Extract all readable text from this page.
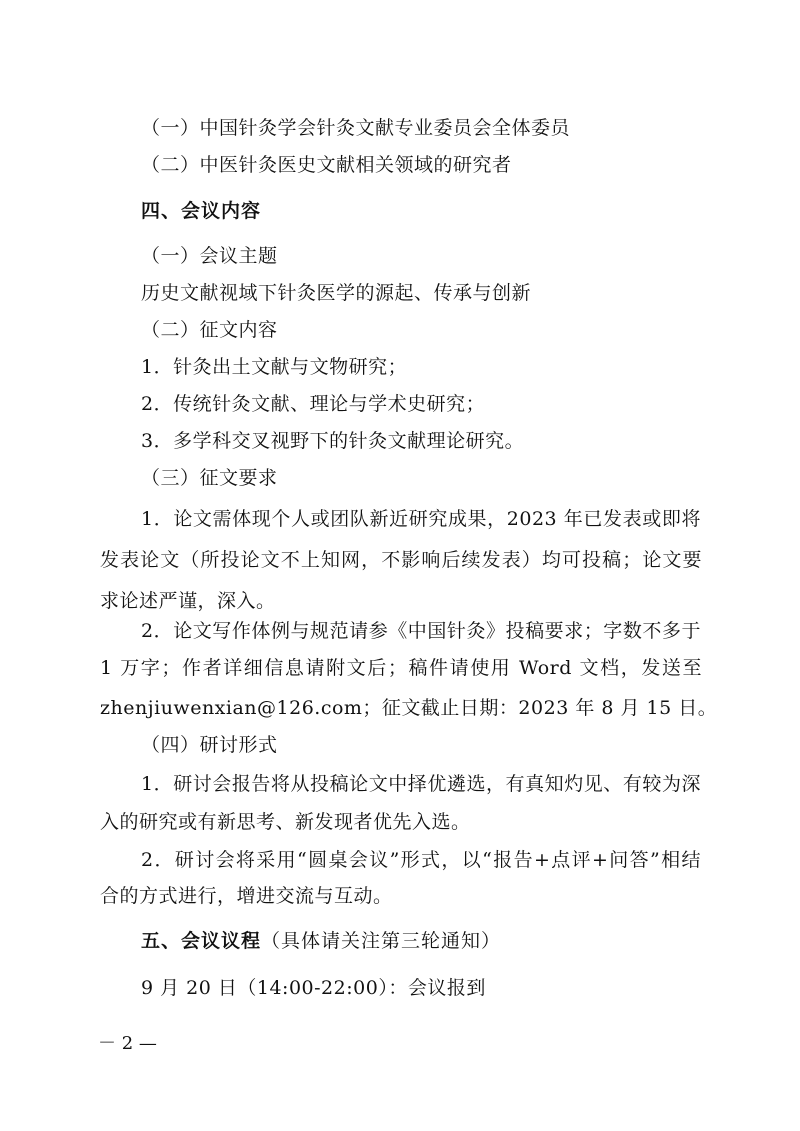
（一）中国针灸学会针灸文献专业委员会全体委员
（二）中医针灸医史文献相关领域的研究者
四、会议内容
（一）会议主题
历史文献视域下针灸医学的源起、传承与创新
（二）征文内容
1．针灸出土文献与文物研究；
2．传统针灸文献、理论与学术史研究；
3．多学科交叉视野下的针灸文献理论研究。
（三）征文要求
1．论文需体现个人或团队新近研究成果，2023 年已发表或即将
发表论文（所投论文不上知网，不影响后续发表）均可投稿；论文要
求论述严谨，深入。
2．论文写作体例与规范请参《中国针灸》投稿要求；字数不多于
1 万字；作者详细信息请附文后；稿件请使用 Word 文档，发送至
zhenjiuwenxian@126.com；征文截止日期：2023 年 8 月 15 日。
（四）研讨形式
1．研讨会报告将从投稿论文中择优遴选，有真知灼见、有较为深
入的研究或有新思考、新发现者优先入选。
2．研讨会将采用“圆桌会议”形式，以“报告+点评+问答”相结
合的方式进行，增进交流与互动。
五、会议议程（具体请关注第三轮通知）
9 月 20 日（14:00-22:00）：会议报到
－ 2 —
